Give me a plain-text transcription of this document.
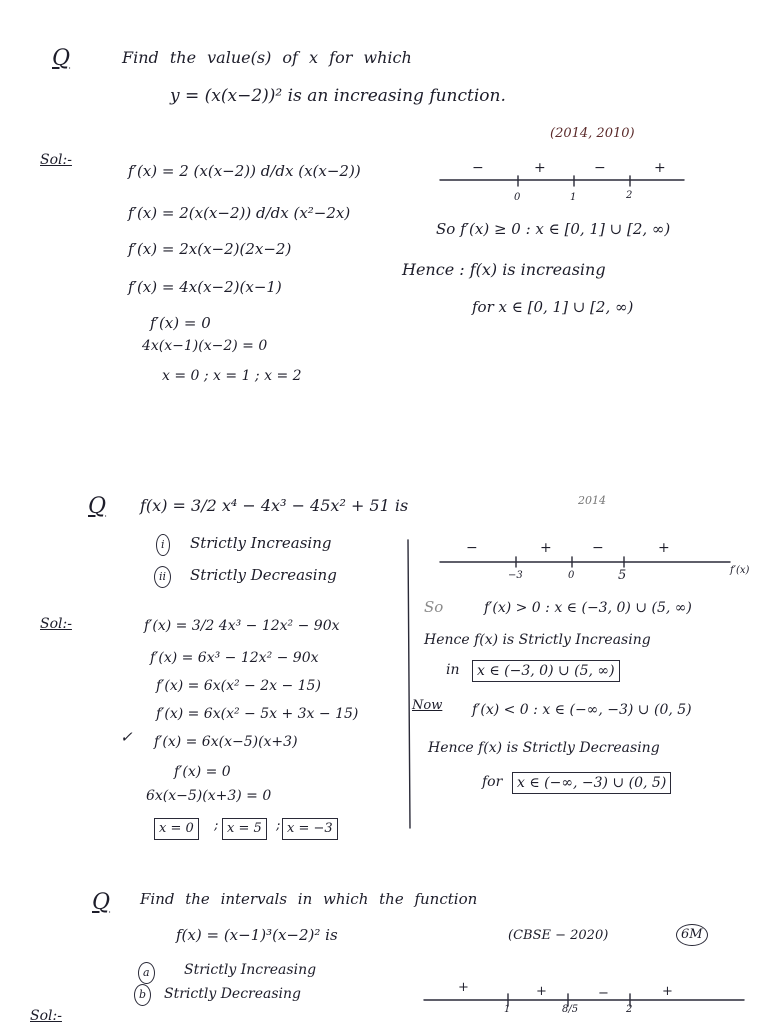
Q	Find the value(s) of x for which
y = (x(x−2))² is an increasing function.
(2014, 2010)
Sol:-
f′(x) = 2 (x(x−2)) d/dx (x(x−2))
f′(x) = 2(x(x−2)) d/dx (x²−2x)
f′(x) = 2x(x−2)(2x−2)
f′(x) = 4x(x−2)(x−1)
f′(x) = 0
4x(x−1)(x−2) = 0
x = 0 ; x = 1 ; x = 2
−	+	−	+
0	1	2
So f′(x) ≥ 0 : x ∈ [0, 1] ∪ [2, ∞)
Hence : f(x) is increasing
for x ∈ [0, 1] ∪ [2, ∞)
Q f(x) = 3/2 x⁴ − 4x³ − 45x² + 51 is	2014
i	Strictly Increasing
ii	Strictly Decreasing
Sol:-	f′(x) = 3/2 4x³ − 12x² − 90x
f′(x) = 6x³ − 12x² − 90x
f′(x) = 6x(x² − 2x − 15)
f′(x) = 6x(x² − 5x + 3x − 15)
✓ f′(x) = 6x(x−5)(x+3)
f′(x) = 0
6x(x−5)(x+3) = 0
x = 0	; x = 5	; x = −3
−	+	−	+
−3	0	5	f′(x)
So	f′(x) > 0 : x ∈ (−3, 0) ∪ (5, ∞)
Hence f(x) is Strictly Increasing
in	x ∈ (−3, 0) ∪ (5, ∞)
Now f′(x) < 0 : x ∈ (−∞, −3) ∪ (0, 5)
Hence f(x) is Strictly Decreasing
for	x ∈ (−∞, −3) ∪ (0, 5)
Q Find the intervals in which the function
f(x) = (x−1)³(x−2)² is	(CBSE − 2020)	6M
a	Strictly Increasing
b	Strictly Decreasing
Sol:-
+	+	−	+
1	8/5	2
